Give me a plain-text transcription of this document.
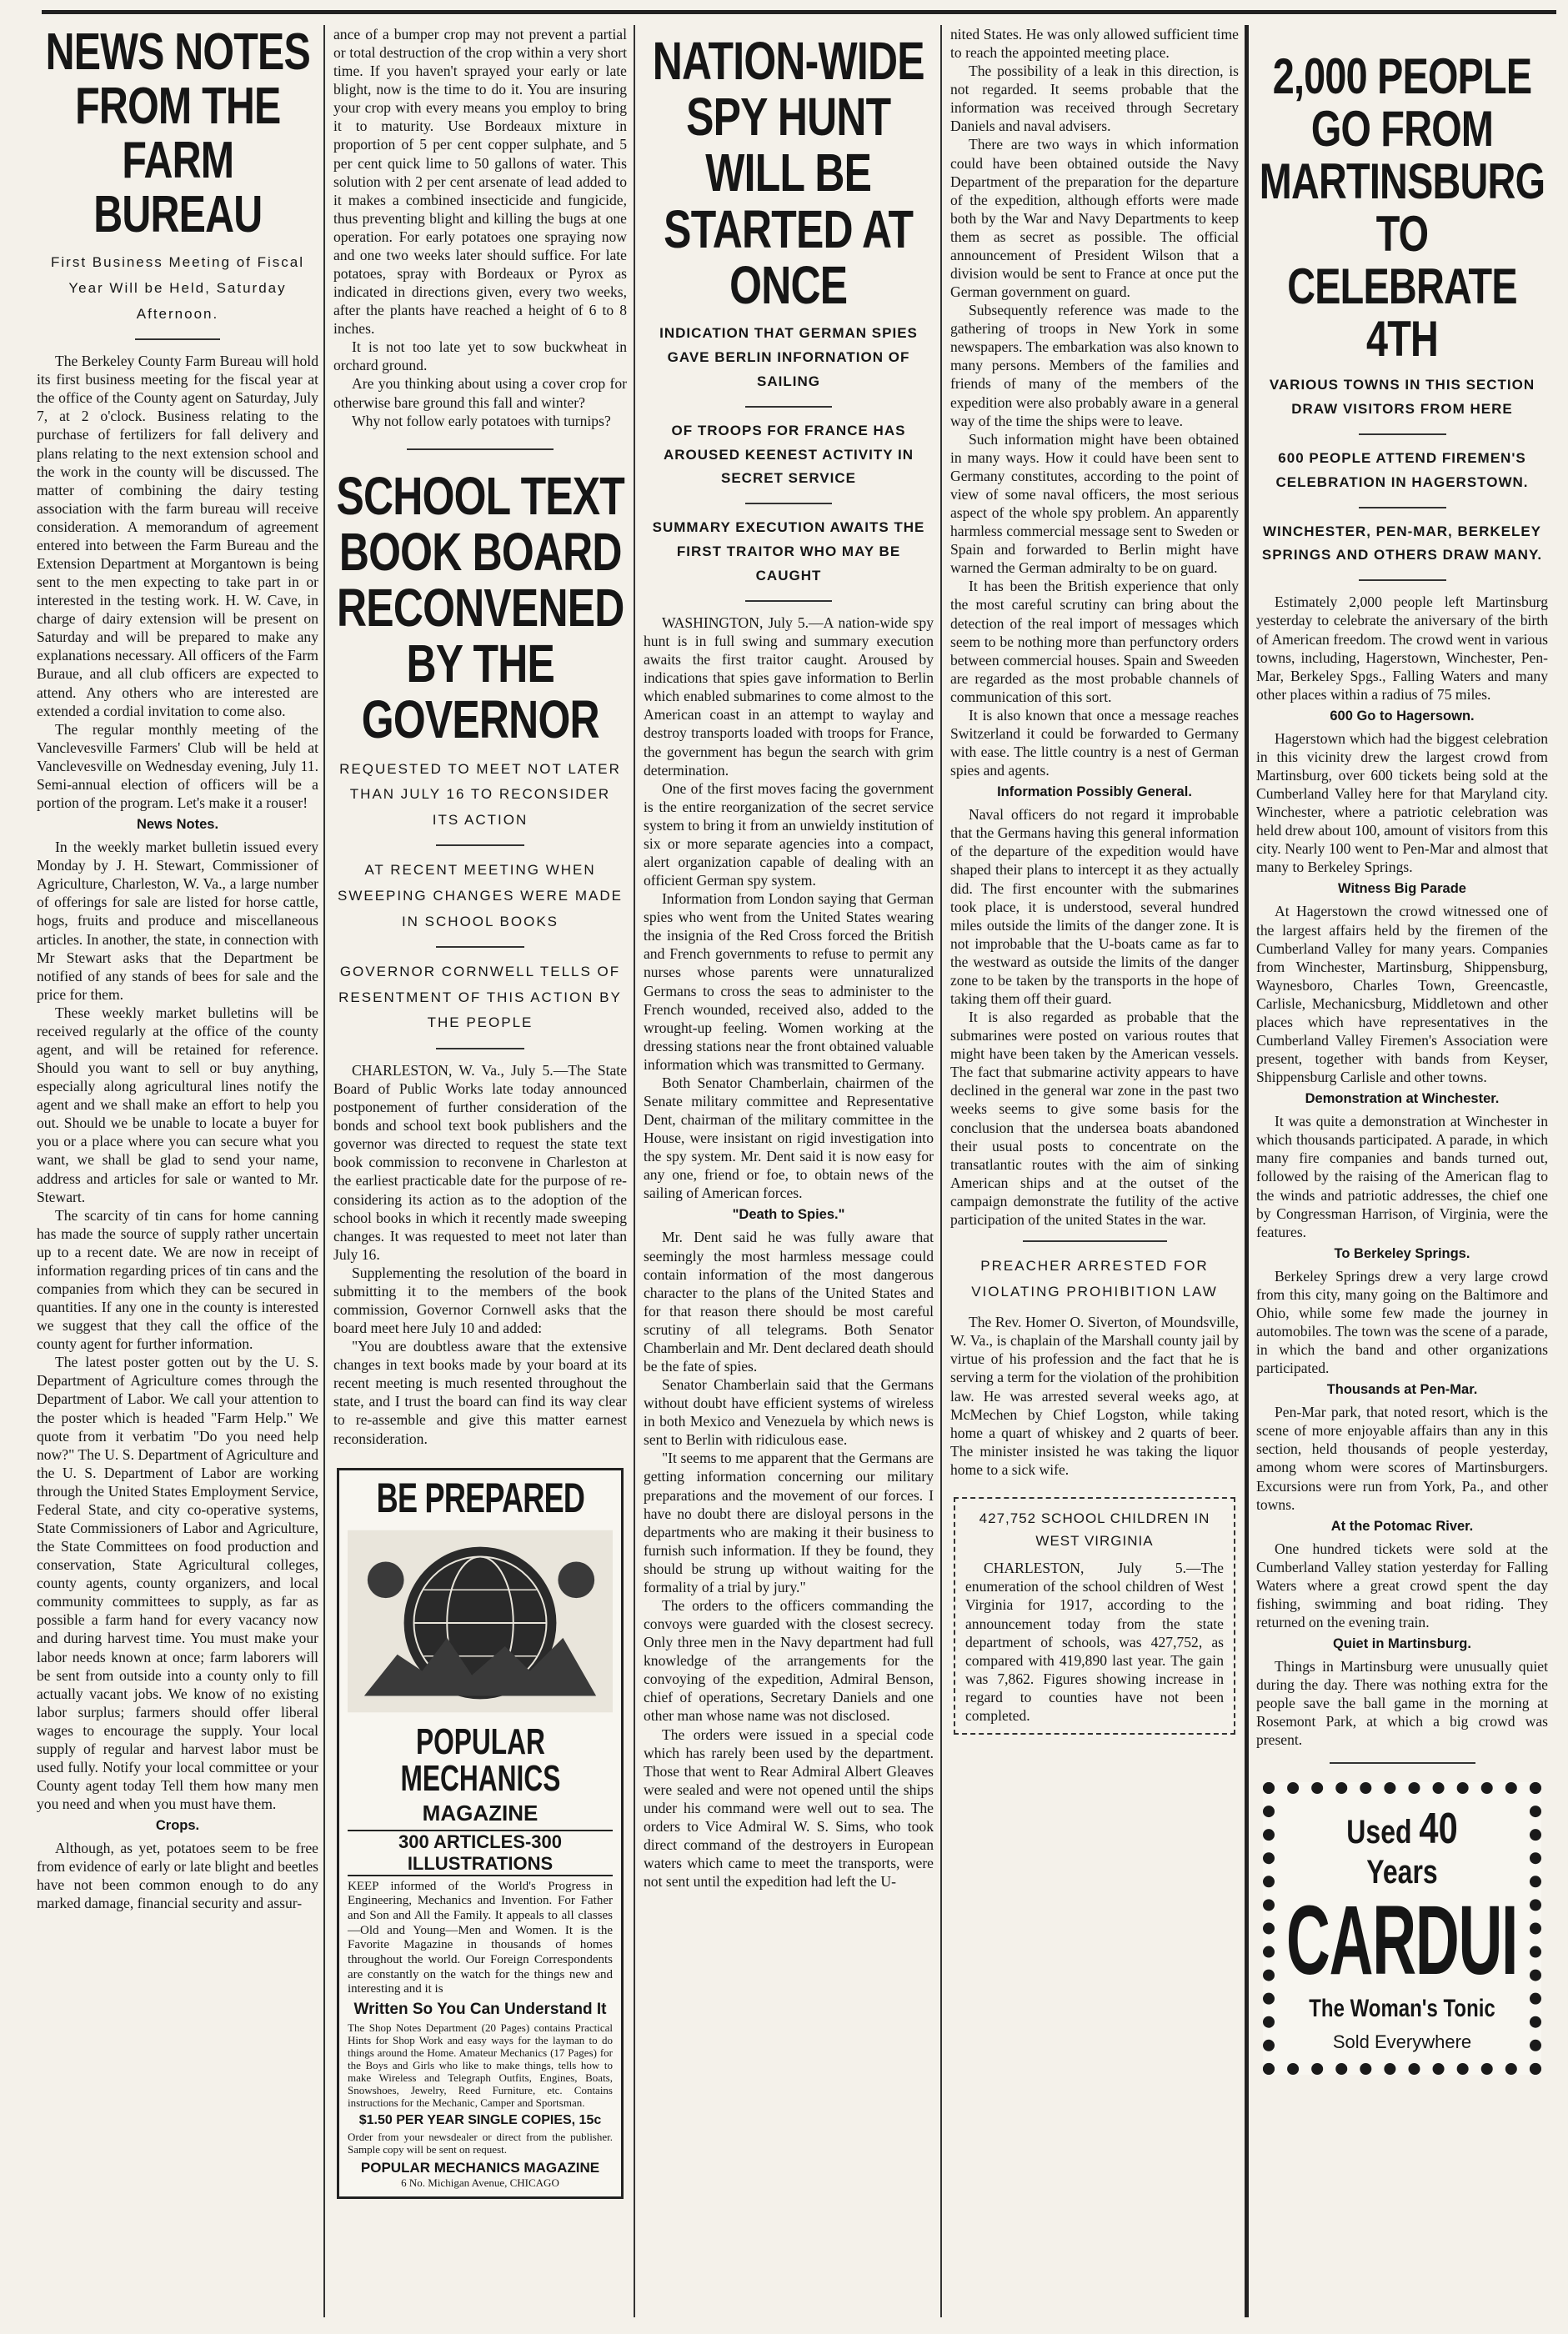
NEWS NOTES FROM THE FARM BUREAU
First Business Meeting of Fiscal Year Will be Held, Saturday Afternoon.

The Berkeley County Farm Bureau will hold its first business meeting for the fiscal year at the office of the County agent on Saturday, July 7, at 2 o'clock. Business relating to the purchase of fertilizers for fall delivery and plans relating to the next extension school and the work in the county will be discussed. The matter of combining the dairy testing association with the farm bureau will receive consideration. A memorandum of agreement entered into between the Farm Bureau and the Extension Department at Morgantown is being sent to the men expecting to take part in or interested in the testing work. H. W. Cave, in charge of dairy extension will be present on Saturday and will be prepared to make any explanations necessary. All officers of the Farm Buraue, and all club officers are expected to attend. Any others who are interested are extended a cordial invitation to come also.

The regular monthly meeting of the Vanclevesville Farmers' Club will be held at Vanclevesville on Wednesday evening, July 11. Semi-annual election of officers will be a portion of the program. Let's make it a rouser!

News Notes.

In the weekly market bulletin issued every Monday by J. H. Stewart, Commissioner of Agriculture, Charleston, W. Va., a large number of offerings for sale are listed for horse cattle, hogs, fruits and produce and miscellaneous articles. In another, the state, in connection with Mr Stewart asks that the Department be notified of any stands of bees for sale and the price for them.

These weekly market bulletins will be received regularly at the office of the county agent, and will be retained for reference. Should you want to sell or buy anything, especially along agricultural lines notify the agent and we shall make an effort to help you out. Should we be unable to locate a buyer for you or a place where you can secure what you want, we shall be glad to send your name, address and articles for sale or wanted to Mr. Stewart.

The scarcity of tin cans for home canning has made the source of supply rather uncertain up to a recent date. We are now in receipt of information regarding prices of tin cans and the companies from which they can be secured in quantities. If any one in the county is interested we suggest that they call the office of the county agent for further information.

The latest poster gotten out by the U. S. Department of Agriculture comes through the Department of Labor. We call your attention to the poster which is headed "Farm Help." We quote from it verbatim "Do you need help now?" The U. S. Department of Agriculture and the U. S. Department of Labor are working through the United States Employment Service, Federal State, and city co-operative systems, State Commissioners of Labor and Agriculture, the State Committees on food production and conservation, State Agricultural colleges, county agents, county organizers, and local community committees to supply, as far as possible a farm hand for every vacancy now and during harvest time. You must make your labor needs known at once; farm laborers will be sent from outside into a county only to fill actually vacant jobs. We know of no existing labor surplus; farmers should offer liberal wages to encourage the supply. Your local supply of regular and harvest labor must be used fully. Notify your local committee or your County agent today Tell them how many men you need and when you must have them.

Crops.

Although, as yet, potatoes seem to be free from evidence of early or late blight and beetles have not been common enough to do any marked damage, financial security and assur-

ance of a bumper crop may not prevent a partial or total destruction of the crop within a very short time. If you haven't sprayed your early or late blight, now is the time to do it. You are insuring your crop with every means you employ to bring it to maturity. Use Bordeaux mixture in proportion of 5 per cent copper sulphate, and 5 per cent quick lime to 50 gallons of water. This solution with 2 per cent arsenate of lead added to it makes a combined insecticide and fungicide, thus preventing blight and killing the bugs at one operation. For early potatoes one spraying now and one two weeks later should suffice. For late potatoes, spray with Bordeaux or Pyrox as indicated in directions given, every two weeks, after the plants have reached a height of 6 to 8 inches.

It is not too late yet to sow buckwheat in orchard ground.

Are you thinking about using a cover crop for otherwise bare ground this fall and winter?

Why not follow early potatoes with turnips?

SCHOOL TEXT BOOK BOARD RECONVENED BY THE GOVERNOR
REQUESTED TO MEET NOT LATER THAN JULY 16 TO RECONSIDER ITS ACTION
AT RECENT MEETING WHEN SWEEPING CHANGES WERE MADE IN SCHOOL BOOKS
GOVERNOR CORNWELL TELLS OF RESENTMENT OF THIS ACTION BY THE PEOPLE

CHARLESTON, W. Va., July 5.—The State Board of Public Works late today announced postponement of further consideration of the bonds and school text book publishers and the governor was directed to request the state text book commission to reconvene in Charleston at the earliest practicable date for the purpose of re-considering its action as to the adoption of the school books in which it recently made sweeping changes. It was requested to meet not later than July 16.

Supplementing the resolution of the board in submitting it to the members of the book commission, Governor Cornwell asks that the board meet here July 10 and added:

"You are doubtless aware that the extensive changes in text books made by your board at its recent meeting is much resented throughout the state, and I trust the board can find its way clear to re-assemble and give this matter earnest reconsideration.

BE PREPARED
POPULAR MECHANICS
MAGAZINE
300 ARTICLES-300 ILLUSTRATIONS
KEEP informed of the World's Progress in Engineering, Mechanics and Invention. For Father and Son and All the Family. It appeals to all classes—Old and Young—Men and Women. It is the Favorite Magazine in thousands of homes throughout the world. Our Foreign Correspondents are constantly on the watch for the things new and interesting and it is
Written So You Can Understand It
The Shop Notes Department (20 Pages) contains Practical Hints for Shop Work and easy ways for the layman to do things around the Home. Amateur Mechanics (17 Pages) for the Boys and Girls who like to make things, tells how to make Wireless and Telegraph Outfits, Engines, Boats, Snowshoes, Jewelry, Reed Furniture, etc. Contains instructions for the Mechanic, Camper and Sportsman.
$1.50 PER YEAR SINGLE COPIES, 15c
Order from your newsdealer or direct from the publisher. Sample copy will be sent on request.
POPULAR MECHANICS MAGAZINE
6 No. Michigan Avenue, CHICAGO
NATION-WIDE SPY HUNT WILL BE STARTED AT ONCE
INDICATION THAT GERMAN SPIES GAVE BERLIN INFORNATION OF SAILING
OF TROOPS FOR FRANCE HAS AROUSED KEENEST ACTIVITY IN SECRET SERVICE
SUMMARY EXECUTION AWAITS THE FIRST TRAITOR WHO MAY BE CAUGHT

WASHINGTON, July 5.—A nation-wide spy hunt is in full swing and summary execution awaits the first traitor caught. Aroused by indications that spies gave information to Berlin which enabled submarines to come almost to the American coast in an attempt to waylay and destroy transports loaded with troops for France, the government has begun the search with grim determination.

One of the first moves facing the government is the entire reorganization of the secret service system to bring it from an unwieldy institution of six or more separate agencies into a compact, alert organization capable of dealing with an officient German spy system.

Information from London saying that German spies who went from the United States wearing the insignia of the Red Cross forced the British and French governments to refuse to permit any nurses whose parents were unnaturalized Germans to cross the seas to administer to the French wounded, received also, added to the wrought-up feeling. Women working at the dressing stations near the front obtained valuable information which was transmitted to Germany.

Both Senator Chamberlain, chairmen of the Senate military committee and Representative Dent, chairman of the military committee in the House, were insistant on rigid investigation into the spy system. Mr. Dent said it is now easy for any one, friend or foe, to obtain news of the sailing of American forces.

"Death to Spies."

Mr. Dent said he was fully aware that seemingly the most harmless message could contain information of the most dangerous character to the plans of the United States and for that reason there should be most careful scrutiny of all telegrams. Both Senator Chamberlain and Mr. Dent declared death should be the fate of spies.

Senator Chamberlain said that the Germans without doubt have efficient systems of wireless in both Mexico and Venezuela by which news is sent to Berlin with ridiculous ease.

"It seems to me apparent that the Germans are getting information concerning our military preparations and the movement of our forces. I have no doubt there are disloyal persons in the departments who are making it their business to furnish such information. If they be found, they should be strung up without waiting for the formality of a trial by jury."

The orders to the officers commanding the convoys were guarded with the closest secrecy. Only three men in the Navy department had full knowledge of the arrangements for the convoying of the expedition, Admiral Benson, chief of operations, Secretary Daniels and one other man whose name was not disclosed.

The orders were issued in a special code which has rarely been used by the department. Those that went to Rear Admiral Albert Gleaves were sealed and were not opened until the ships under his command were well out to sea. The orders to Vice Admiral W. S. Sims, who took direct command of the destroyers in European waters which came to meet the transports, were not sent until the expedition had left the U-

nited States. He was only allowed sufficient time to reach the appointed meeting place.

The possibility of a leak in this direction, is not regarded. It seems probable that the information was received through Secretary Daniels and naval advisers.

There are two ways in which information could have been obtained outside the Navy Department of the preparation for the departure of the expedition, although efforts were made both by the War and Navy Departments to keep them as secret as possible. The official announcement of President Wilson that a division would be sent to France at once put the German government on guard.

Subsequently reference was made to the gathering of troops in New York in some newspapers. The embarkation was also known to many persons. Members of the families and friends of many of the members of the expedition were also probably aware in a general way of the time the ships were to leave.

Such information might have been obtained in many ways. How it could have been sent to Germany constitutes, according to the point of view of some naval officers, the most serious aspect of the whole spy problem. An apparently harmless commercial message sent to Sweden or Spain and forwarded to Berlin might have warned the German admiralty to be on guard.

It has been the British experience that only the most careful scrutiny can bring about the detection of the real import of messages which seem to be nothing more than perfunctory orders between commercial houses. Spain and Sweeden are regarded as the most probable channels of communication of this sort.

It is also known that once a message reaches Switzerland it could be forwarded to Germany with ease. The little country is a nest of German spies and agents.

Information Possibly General.

Naval officers do not regard it improbable that the Germans having this general information of the departure of the expedition would have shaped their plans to intercept it as they actually did. The first encounter with the submarines took place, it is understood, several hundred miles outside the limits of the danger zone. It is not improbable that the U-boats came as far to the westward as outside the limits of the danger zone to be taken by the transports in the hope of taking them off their guard.

It is also regarded as probable that the submarines were posted on various routes that might have been taken by the American vessels. The fact that submarine activity appears to have declined in the general war zone in the past two weeks seems to give some basis for the conclusion that the undersea boats abandoned their usual posts to concentrate on the transatlantic routes with the aim of sinking American ships and at the outset of the campaign demonstrate the futility of the active participation of the united States in the war.

PREACHER ARRESTED FOR VIOLATING PROHIBITION LAW

The Rev. Homer O. Siverton, of Moundsville, W. Va., is chaplain of the Marshall county jail by virtue of his profession and the fact that he is serving a term for the violation of the prohibition law. He was arrested several weeks ago, at McMechen by Chief Logston, while taking home a quart of whiskey and 2 quarts of beer. The minister insisted he was taking the liquor home to a sick wife.

427,752 SCHOOL CHILDREN IN WEST VIRGINIA

CHARLESTON, July 5.—The enumeration of the school children of West Virginia for 1917, according to the announcement today from the state department of schools, was 427,752, as compared with 419,890 last year. The gain was 7,862. Figures showing increase in regard to counties have not been completed.

2,000 PEOPLE GO FROM MARTINSBURG TO CELEBRATE 4TH
VARIOUS TOWNS IN THIS SECTION DRAW VISITORS FROM HERE
600 PEOPLE ATTEND FIREMEN'S CELEBRATION IN HAGERSTOWN.
WINCHESTER, PEN-MAR, BERKELEY SPRINGS AND OTHERS DRAW MANY.

Estimately 2,000 people left Martinsburg yesterday to celebrate the aniversary of the birth of American freedom. The crowd went in various towns, including, Hagerstown, Winchester, Pen-Mar, Berkeley Spgs., Falling Waters and many other places within a radius of 75 miles.

600 Go to Hagersown.

Hagerstown which had the biggest celebration in this vicinity drew the largest crowd from Martinsburg, over 600 tickets being sold at the Cumberland Valley here for that Maryland city. Winchester, where a patriotic celebration was held drew about 100, amount of visitors from this city. Nearly 100 went to Pen-Mar and almost that many to Berkeley Springs.

Witness Big Parade

At Hagerstown the crowd witnessed one of the largest affairs held by the firemen of the Cumberland Valley for many years. Companies from Winchester, Martinsburg, Shippensburg, Waynesboro, Charles Town, Greencastle, Carlisle, Mechanicsburg, Middletown and other places which have representatives in the Cumberland Valley Firemen's Association were present, together with bands from Keyser, Shippensburg Carlisle and other towns.

Demonstration at Winchester.

It was quite a demonstration at Winchester in which thousands participated. A parade, in which many fire companies and bands turned out, followed by the raising of the American flag to the winds and patriotic addresses, the chief one by Congressman Harrison, of Virginia, were the features.

To Berkeley Springs.

Berkeley Springs drew a very large crowd from this city, many going on the Baltimore and Ohio, while some few made the journey in automobiles. The town was the scene of a parade, in which the band and other organizations participated.

Thousands at Pen-Mar.

Pen-Mar park, that noted resort, which is the scene of more enjoyable affairs than any in this section, held thousands of people yesterday, among whom were scores of Martinsburgers. Excursions were run from York, Pa., and other towns.

At the Potomac River.

One hundred tickets were sold at the Cumberland Valley station yesterday for Falling Waters where a great crowd spent the day fishing, swimming and boat riding. They returned on the evening train.

Quiet in Martinsburg.

Things in Martinsburg were unusually quiet during the day. There was nothing extra for the people save the ball game in the morning at Rosemont Park, at which a big crowd was present.

Used 40 Years
CARDUI
The Woman's Tonic
Sold Everywhere
